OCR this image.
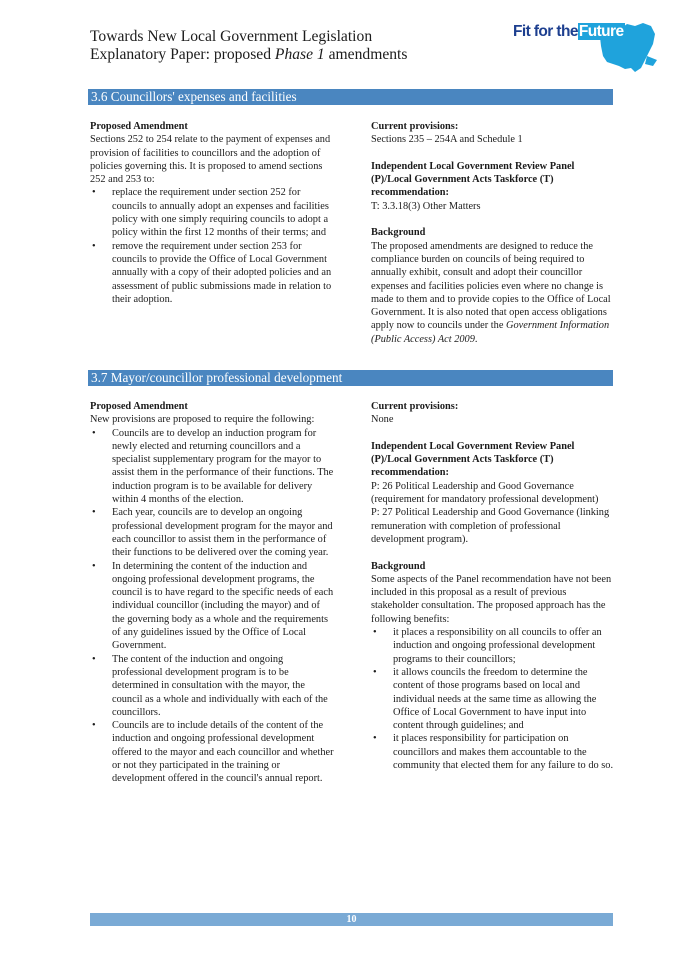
Towards New Local Government Legislation
Explanatory Paper: proposed Phase 1 amendments
Fit for theFuture
3.6 Councillors' expenses and facilities

Proposed Amendment

Sections 252 to 254 relate to the payment of expenses and provision of facilities to councillors and the adoption of policies governing this. It is proposed to amend sections 252 and 253 to:

• replace the requirement under section 252 for councils to annually adopt an expenses and facilities policy with one simply requiring councils to adopt a policy within the first 12 months of their terms; and
• remove the requirement under section 253 for councils to provide the Office of Local Government annually with a copy of their adopted policies and an assessment of public submissions made in relation to their adoption.

Current provisions:

Sections 235 – 254A and Schedule 1

Independent Local Government Review Panel (P)/Local Government Acts Taskforce (T) recommendation:

T: 3.3.18(3) Other Matters

Background

The proposed amendments are designed to reduce the compliance burden on councils of being required to annually exhibit, consult and adopt their councillor expenses and facilities policies even where no change is made to them and to provide copies to the Office of Local Government. It is also noted that open access obligations apply now to councils under the Government Information (Public Access) Act 2009.

3.7 Mayor/councillor professional development

Proposed Amendment

New provisions are proposed to require the following:

• Councils are to develop an induction program for newly elected and returning councillors and a specialist supplementary program for the mayor to assist them in the performance of their functions. The induction program is to be available for delivery within 4 months of the election.
• Each year, councils are to develop an ongoing professional development program for the mayor and each councillor to assist them in the performance of their functions to be delivered over the coming year.
• In determining the content of the induction and ongoing professional development programs, the council is to have regard to the specific needs of each individual councillor (including the mayor) and of the governing body as a whole and the requirements of any guidelines issued by the Office of Local Government.
• The content of the induction and ongoing professional development program is to be determined in consultation with the mayor, the council as a whole and individually with each of the councillors.
• Councils are to include details of the content of the induction and ongoing professional development offered to the mayor and each councillor and whether or not they participated in the training or development offered in the council's annual report.

Current provisions:

None

Independent Local Government Review Panel (P)/Local Government Acts Taskforce (T) recommendation:

P: 26 Political Leadership and Good Governance (requirement for mandatory professional development)

P: 27 Political Leadership and Good Governance (linking remuneration with completion of professional development program).

Background

Some aspects of the Panel recommendation have not been included in this proposal as a result of previous stakeholder consultation. The proposed approach has the following benefits:

• it places a responsibility on all councils to offer an induction and ongoing professional development programs to their councillors;
• it allows councils the freedom to determine the content of those programs based on local and individual needs at the same time as allowing the Office of Local Government to have input into content through guidelines; and
• it places responsibility for participation on councillors and makes them accountable to the community that elected them for any failure to do so.
10
